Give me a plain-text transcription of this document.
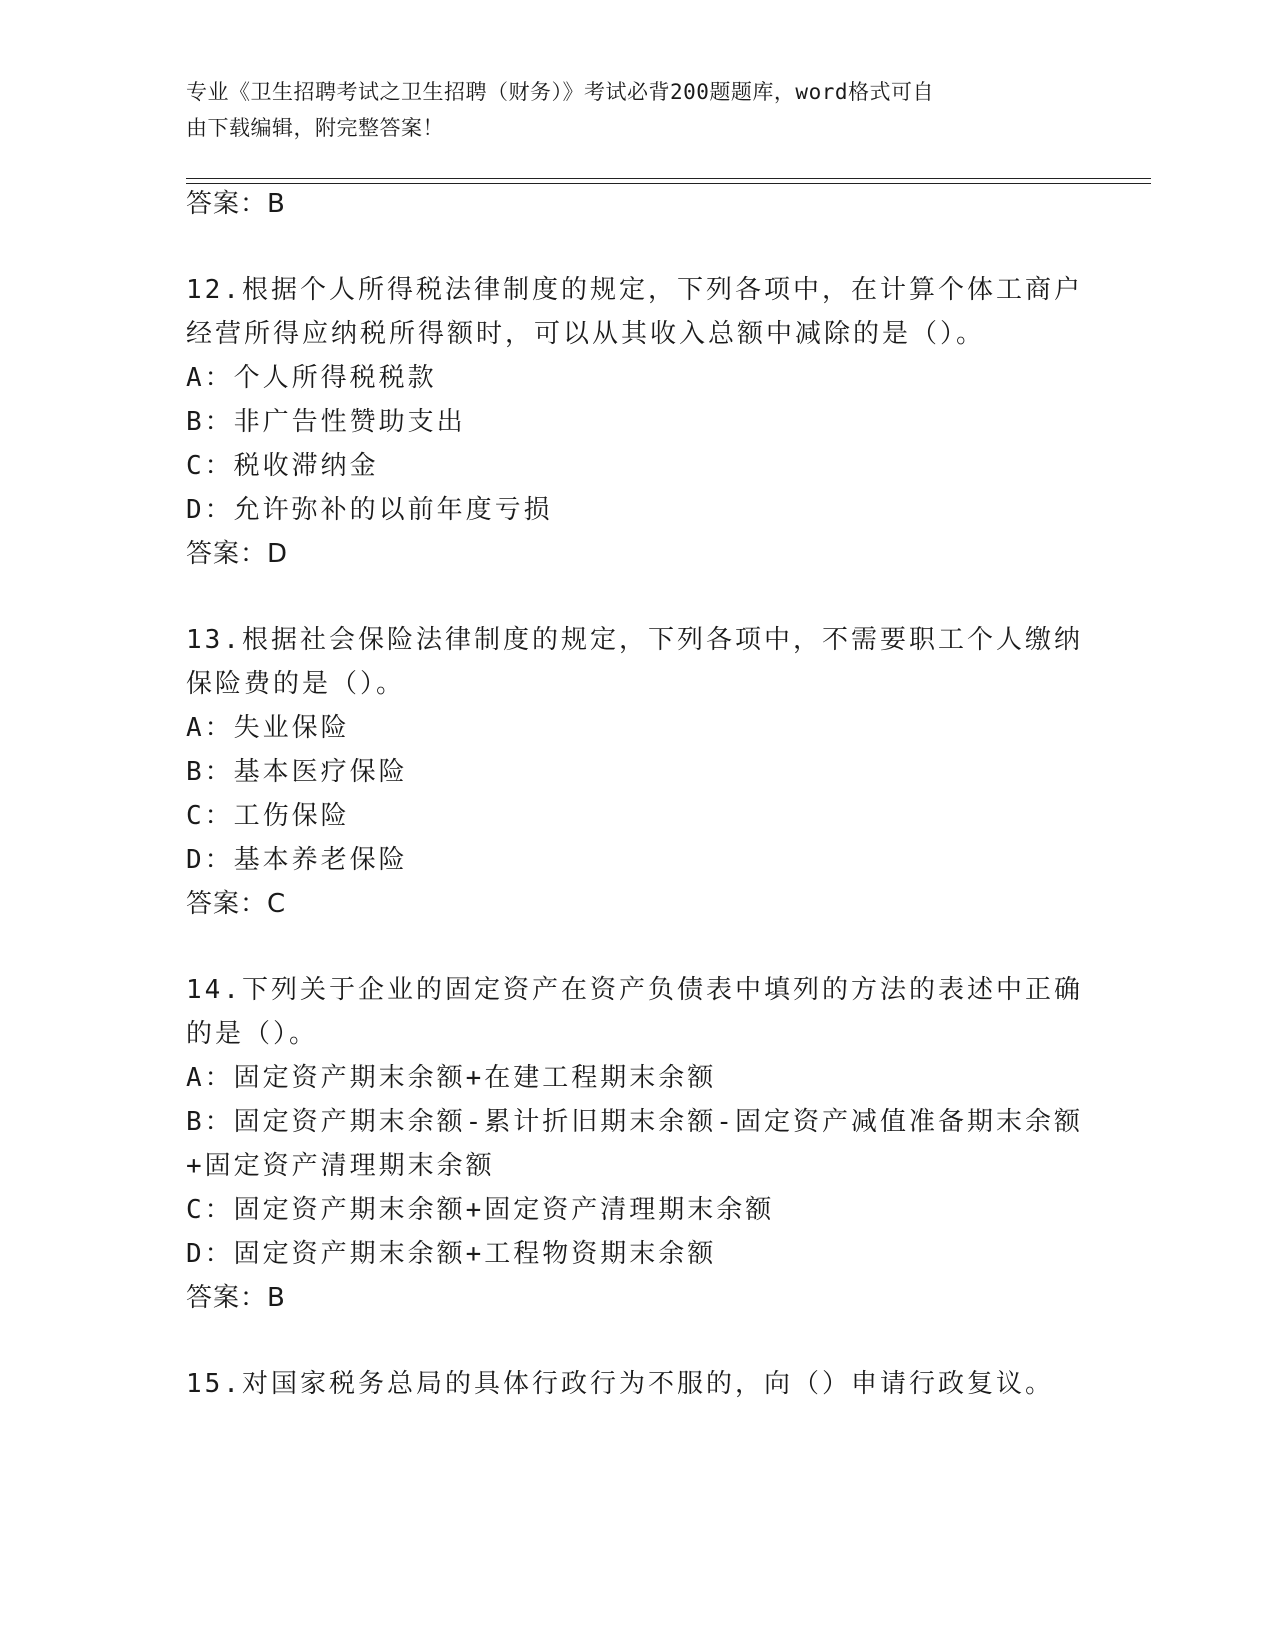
专业《卫生招聘考试之卫生招聘（财务）》考试必背200题题库，word格式可自
由下载编辑，附完整答案！
答案：B
12.根据个人所得税法律制度的规定，下列各项中，在计算个体工商户
经营所得应纳税所得额时，可以从其收入总额中减除的是（）。
A：个人所得税税款
B：非广告性赞助支出
C：税收滞纳金
D：允许弥补的以前年度亏损
答案：D
13.根据社会保险法律制度的规定，下列各项中，不需要职工个人缴纳
保险费的是（）。
A：失业保险
B：基本医疗保险
C：工伤保险
D：基本养老保险
答案：C
14.下列关于企业的固定资产在资产负债表中填列的方法的表述中正确
的是（）。
A：固定资产期末余额+在建工程期末余额
B：固定资产期末余额-累计折旧期末余额-固定资产减值准备期末余额
+固定资产清理期末余额
C：固定资产期末余额+固定资产清理期末余额
D：固定资产期末余额+工程物资期末余额
答案：B
15.对国家税务总局的具体行政行为不服的，向（）申请行政复议。
